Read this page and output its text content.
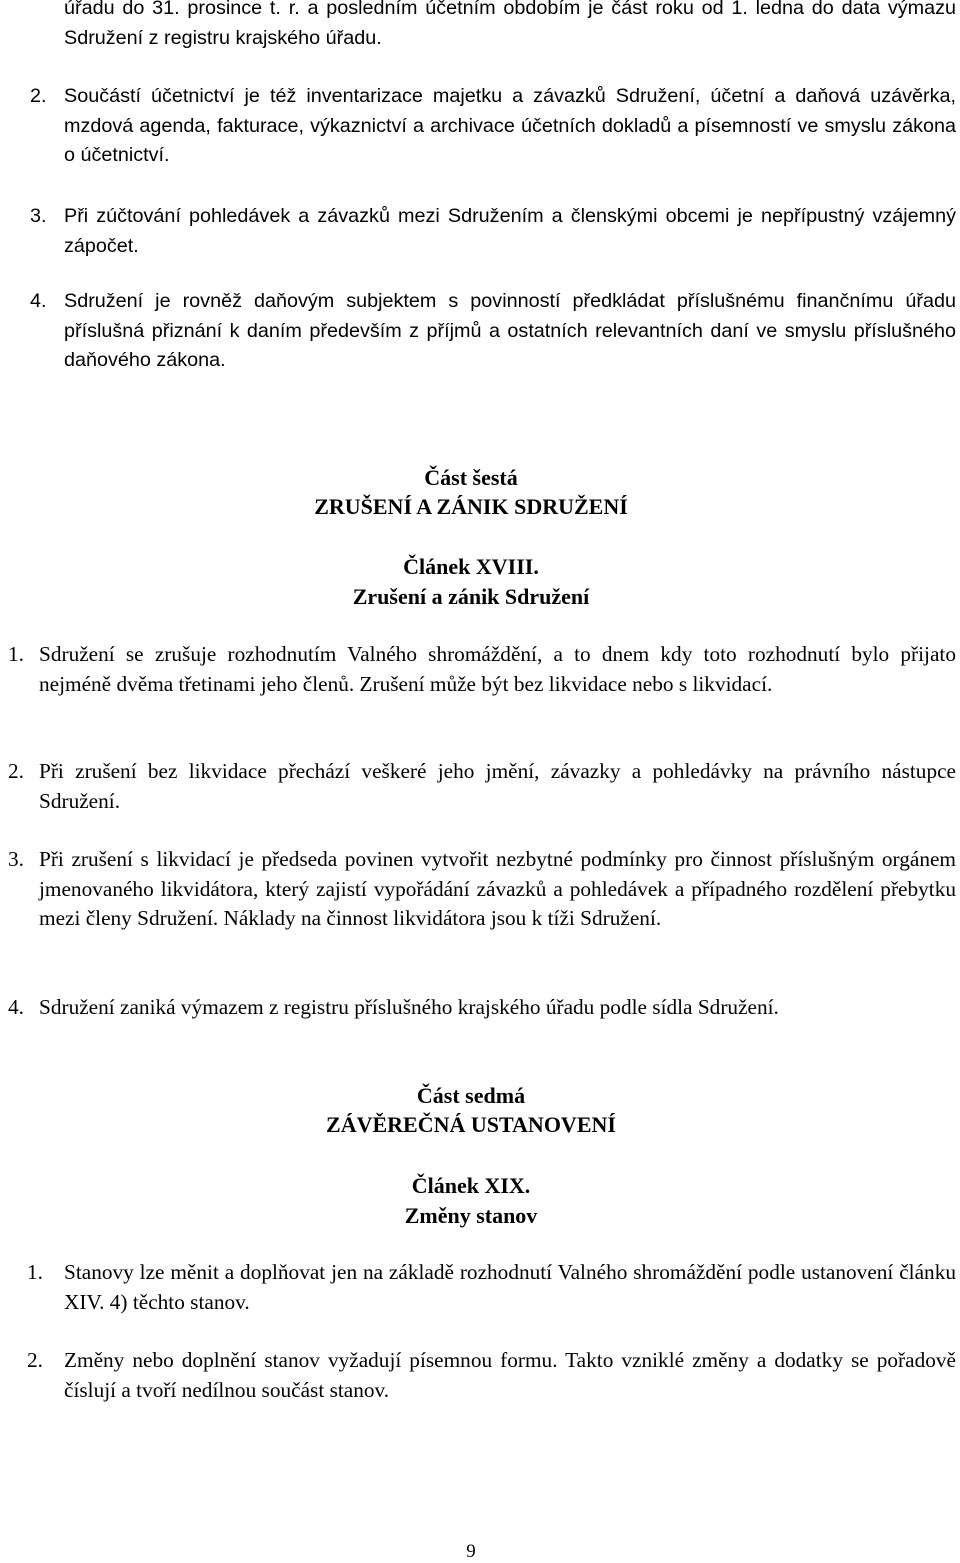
úřadu do 31. prosince t. r. a posledním účetním obdobím je část roku od 1. ledna do data výmazu Sdružení z registru krajského úřadu.

2. Součástí účetnictví je též inventarizace majetku a závazků Sdružení, účetní a daňová uzávěrka, mzdová agenda, fakturace, výkaznictví a archivace účetních dokladů a písemností ve smyslu zákona o účetnictví.

3. Při zúčtování pohledávek a závazků mezi Sdružením a členskými obcemi je nepřípustný vzájemný zápočet.

4. Sdružení je rovněž daňovým subjektem s povinností předkládat příslušnému finančnímu úřadu příslušná přiznání k daním především z příjmů a ostatních relevantních daní ve smyslu příslušného daňového zákona.

Část šestá
ZRUŠENÍ A ZÁNIK SDRUŽENÍ
Článek XVIII.
Zrušení a zánik Sdružení

1. Sdružení se zrušuje rozhodnutím Valného shromáždění, a to dnem kdy toto rozhodnutí bylo přijato nejméně dvěma třetinami jeho členů. Zrušení může být bez likvidace nebo s likvidací.

2. Při zrušení bez likvidace přechází veškeré jeho jmění, závazky a pohledávky na právního nástupce Sdružení.

3. Při zrušení s likvidací je předseda povinen vytvořit nezbytné podmínky pro činnost příslušným orgánem jmenovaného likvidátora, který zajistí vypořádání závazků a pohledávek a případného rozdělení přebytku mezi členy Sdružení. Náklady na činnost likvidátora jsou k tíži Sdružení.

4. Sdružení zaniká výmazem z registru příslušného krajského úřadu podle sídla Sdružení.

Část sedmá
ZÁVĚREČNÁ USTANOVENÍ
Článek XIX.
Změny stanov

1. Stanovy lze měnit a doplňovat jen na základě rozhodnutí Valného shromáždění podle ustanovení článku XIV. 4) těchto stanov.

2. Změny nebo doplnění stanov vyžadují písemnou formu. Takto vzniklé změny a dodatky se pořadově číslují a tvoří nedílnou součást stanov.

9
